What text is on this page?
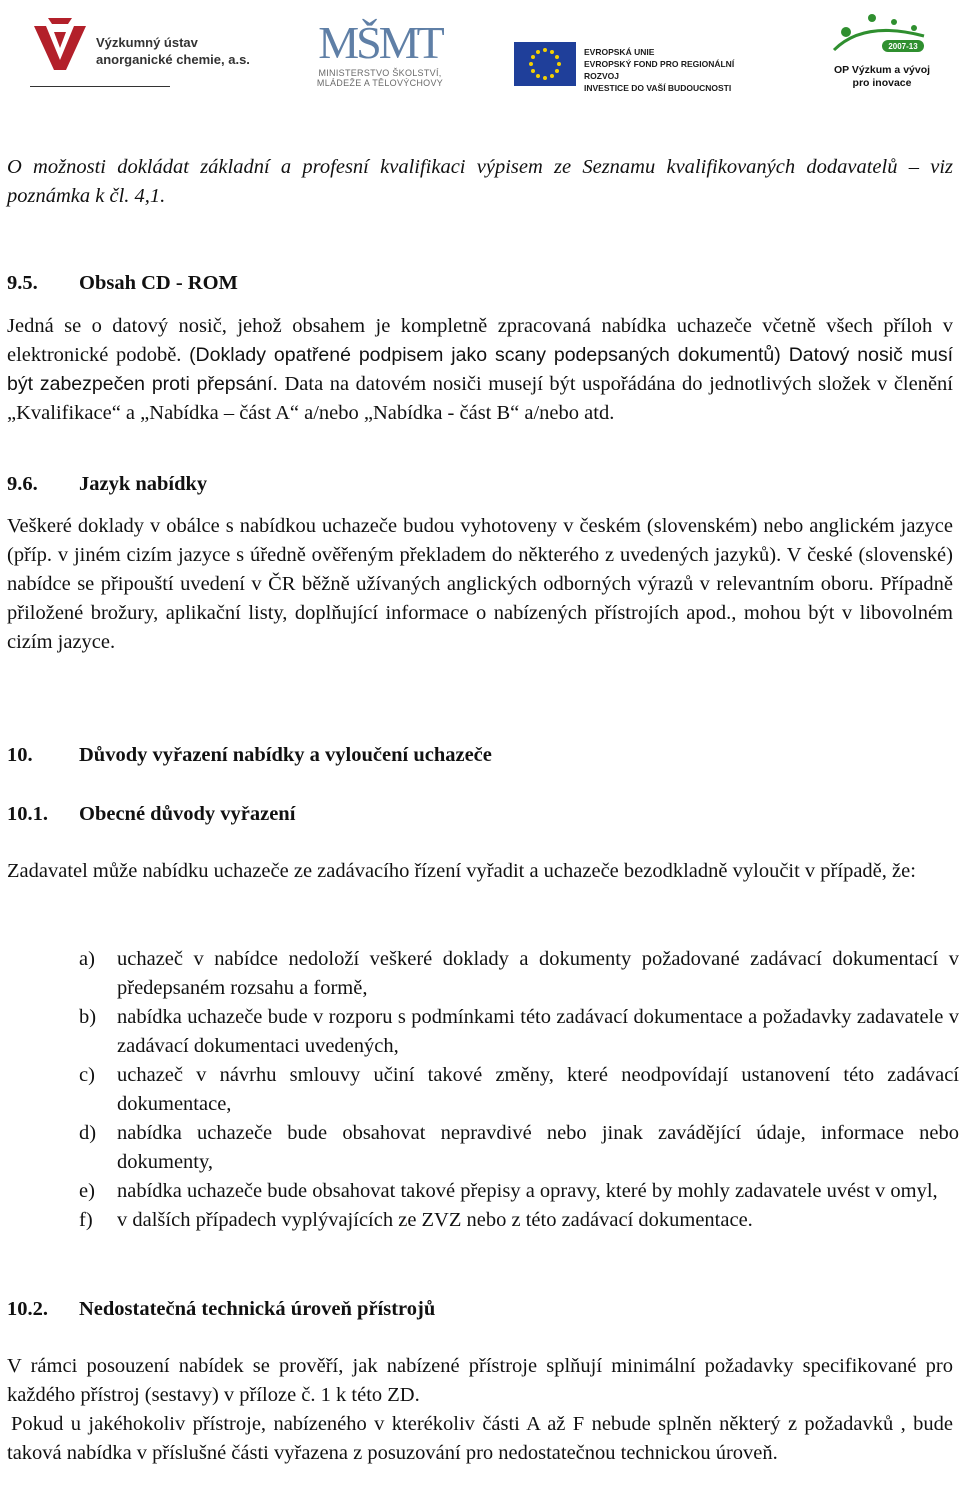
Výzkumný ústav
anorganické chemie, a.s. MŠMT
MINISTERSTVO ŠKOLSTVÍ,
MLÁDEŽE A TĚLOVÝCHOVY
EVROPSKÁ UNIE
EVROPSKÝ FOND PRO REGIONÁLNÍ ROZVOJ
INVESTICE DO VAŠÍ BUDOUCNOSTI
2007-13
OP Výzkum a vývoj
pro inovace
O možnosti dokládat základní a profesní kvalifikaci výpisem ze Seznamu kvalifikovaných dodavatelů – viz poznámka k čl. 4,1.
9.5. Obsah CD - ROM
Jedná se o datový nosič, jehož obsahem je kompletně zpracovaná nabídka uchazeče včetně všech příloh v elektronické podobě. (Doklady opatřené podpisem jako scany podepsaných dokumentů) Datový nosič musí být zabezpečen proti přepsání. Data na datovém nosiči musejí být uspořádána do jednotlivých složek v členění „Kvalifikace“ a „Nabídka – část A“ a/nebo „Nabídka - část B“ a/nebo atd.
9.6. Jazyk nabídky
Veškeré doklady v obálce s nabídkou uchazeče budou vyhotoveny v českém (slovenském) nebo anglickém jazyce (příp. v jiném cizím jazyce s úředně ověřeným překladem do některého z uvedených jazyků). V české (slovenské) nabídce se připouští uvedení v ČR běžně užívaných anglických odborných výrazů v relevantním oboru. Případně přiložené brožury, aplikační listy, doplňující informace o nabízených přístrojích apod., mohou být v libovolném cizím jazyce.
10. Důvody vyřazení nabídky a vyloučení uchazeče
10.1. Obecné důvody vyřazení
Zadavatel může nabídku uchazeče ze zadávacího řízení vyřadit a uchazeče bezodkladně vyloučit v případě, že:
a)	uchazeč v nabídce nedoloží veškeré doklady a dokumenty požadované zadávací dokumentací v předepsaném rozsahu a formě,
b)	nabídka uchazeče bude v rozporu s podmínkami této zadávací dokumentace a požadavky zadavatele v zadávací dokumentaci uvedených,
c)	uchazeč v návrhu smlouvy učiní takové změny, které neodpovídají ustanovení této zadávací dokumentace,
d)	nabídka uchazeče bude obsahovat nepravdivé nebo jinak zavádějící údaje, informace nebo dokumenty,
e)	nabídka uchazeče bude obsahovat takové přepisy a opravy, které by mohly zadavatele uvést v omyl,
f)	v dalších případech vyplývajících ze ZVZ nebo z této zadávací dokumentace.
10.2. Nedostatečná technická úroveň přístrojů
V rámci posouzení nabídek se prověří, jak nabízené přístroje splňují minimální požadavky specifikované pro každého přístroj (sestavy) v příloze č. 1 k této ZD.
Pokud u jakéhokoliv přístroje, nabízeného v kterékoliv části A až F nebude splněn některý z požadavků , bude taková nabídka v příslušné části vyřazena z posuzování pro nedostatečnou technickou úroveň.
